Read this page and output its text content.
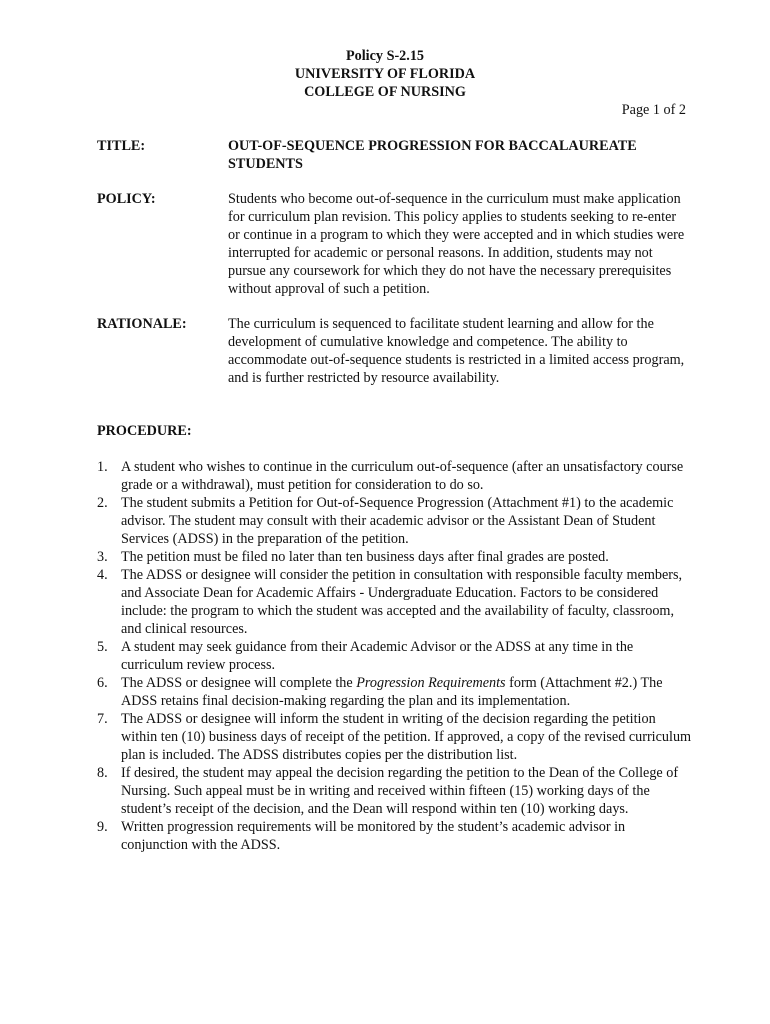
Policy S-2.15
UNIVERSITY OF FLORIDA
COLLEGE OF NURSING
Page 1 of 2
TITLE:	OUT-OF-SEQUENCE PROGRESSION FOR BACCALAUREATE STUDENTS
POLICY:	Students who become out-of-sequence in the curriculum must make application for curriculum plan revision. This policy applies to students seeking to re-enter or continue in a program to which they were accepted and in which studies were interrupted for academic or personal reasons. In addition, students may not pursue any coursework for which they do not have the necessary prerequisites without approval of such a petition.
RATIONALE:	The curriculum is sequenced to facilitate student learning and allow for the development of cumulative knowledge and competence. The ability to accommodate out-of-sequence students is restricted in a limited access program, and is further restricted by resource availability.
PROCEDURE:
1. A student who wishes to continue in the curriculum out-of-sequence (after an unsatisfactory course grade or a withdrawal), must petition for consideration to do so.
2. The student submits a Petition for Out-of-Sequence Progression (Attachment #1) to the academic advisor. The student may consult with their academic advisor or the Assistant Dean of Student Services (ADSS) in the preparation of the petition.
3. The petition must be filed no later than ten business days after final grades are posted.
4. The ADSS or designee will consider the petition in consultation with responsible faculty members, and Associate Dean for Academic Affairs - Undergraduate Education. Factors to be considered include: the program to which the student was accepted and the availability of faculty, classroom, and clinical resources.
5. A student may seek guidance from their Academic Advisor or the ADSS at any time in the curriculum review process.
6. The ADSS or designee will complete the Progression Requirements form (Attachment #2.) The ADSS retains final decision-making regarding the plan and its implementation.
7. The ADSS or designee will inform the student in writing of the decision regarding the petition within ten (10) business days of receipt of the petition. If approved, a copy of the revised curriculum plan is included. The ADSS distributes copies per the distribution list.
8. If desired, the student may appeal the decision regarding the petition to the Dean of the College of Nursing. Such appeal must be in writing and received within fifteen (15) working days of the student’s receipt of the decision, and the Dean will respond within ten (10) working days.
9. Written progression requirements will be monitored by the student’s academic advisor in conjunction with the ADSS.
